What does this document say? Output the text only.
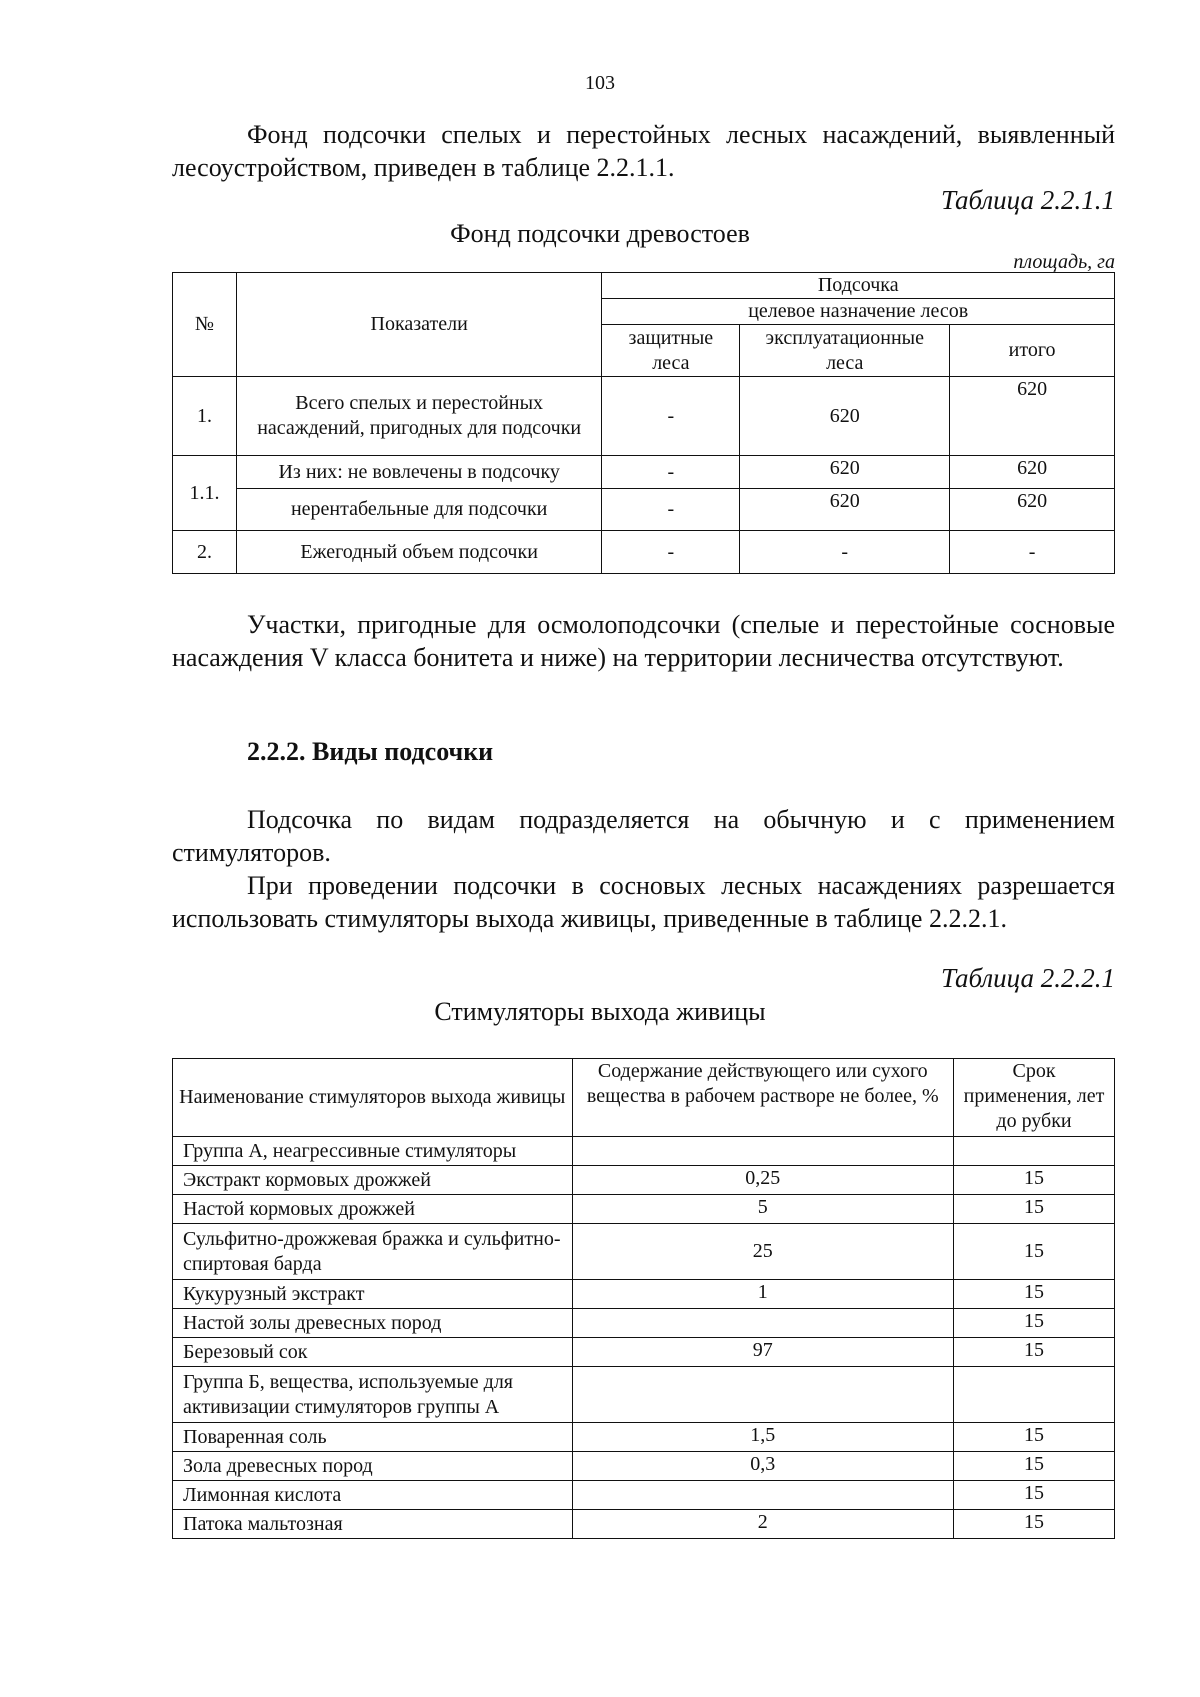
103
Фонд подсочки спелых и перестойных лесных насаждений, выявленный лесоустройством, приведен в таблице 2.2.1.1.
Таблица 2.2.1.1
Фонд подсочки древостоев
площадь, га
№	Показатели	Подсочка		
		целевое назначение лесов		
		защитные леса	эксплуатационные леса	итого
1.	Всего спелых и перестойных насаждений, пригодных для подсочки	-	620	620
1.1.	Из них: не вовлечены в подсочку	-	620	620
	нерентабельные для подсочки	-	620	620
2.	Ежегодный объем подсочки	-	-	-
Участки, пригодные для осмолоподсочки (спелые и перестойные сосновые насаждения V класса бонитета и ниже) на территории лесничества отсутствуют.
2.2.2. Виды подсочки
Подсочка по видам подразделяется на обычную и с применением стимуляторов.
При проведении подсочки в сосновых лесных насаждениях разрешается использовать стимуляторы выхода живицы, приведенные в таблице 2.2.2.1.
Таблица 2.2.2.1
Стимуляторы выхода живицы
Наименование стимуляторов выхода живицы	Содержание действующего или сухого вещества в рабочем растворе не более, %	Срок применения, лет до рубки
Группа А, неагрессивные стимуляторы		
Экстракт кормовых дрожжей	0,25	15
Настой кормовых дрожжей	5	15
Сульфитно-дрожжевая бражка и сульфитно-спиртовая барда	25	15
Кукурузный экстракт	1	15
Настой золы древесных пород		15
Березовый сок	97	15
Группа Б, вещества, используемые для активизации стимуляторов группы А		
Поваренная соль	1,5	15
Зола древесных пород	0,3	15
Лимонная кислота		15
Патока мальтозная	2	15
